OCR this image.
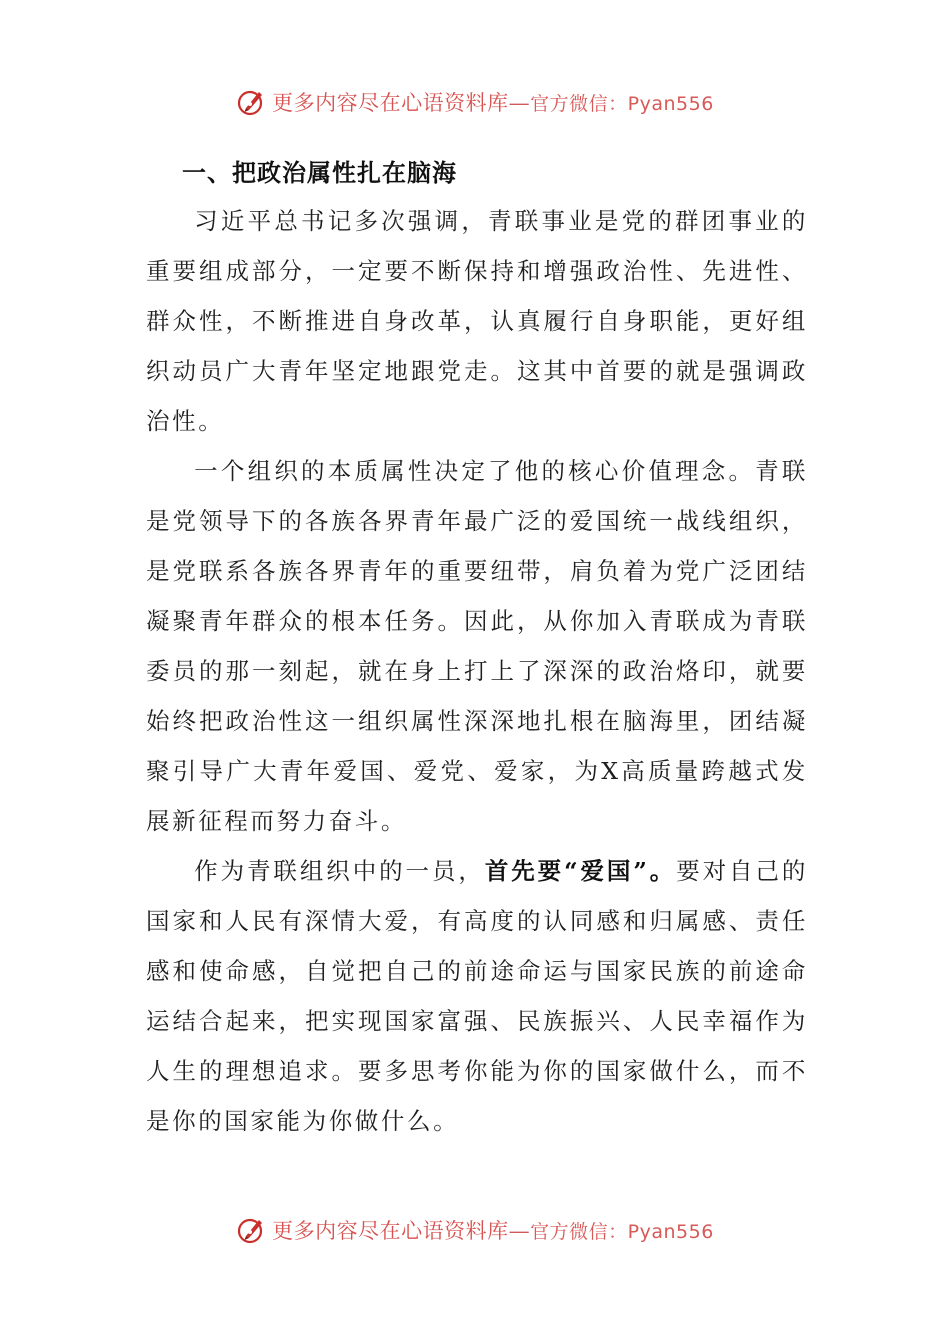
更多内容尽在心语资料库 — 官方微信：Pyan556
一、把政治属性扎在脑海

习近平总书记多次强调，青联事业是党的群团事业的重要组成部分，一定要不断保持和增强政治性、先进性、群众性，不断推进自身改革，认真履行自身职能，更好组织动员广大青年坚定地跟党走。这其中首要的就是强调政治性。

一个组织的本质属性决定了他的核心价值理念。青联是党领导下的各族各界青年最广泛的爱国统一战线组织，是党联系各族各界青年的重要纽带，肩负着为党广泛团结凝聚青年群众的根本任务。因此，从你加入青联成为青联委员的那一刻起，就在身上打上了深深的政治烙印，就要始终把政治性这一组织属性深深地扎根在脑海里，团结凝聚引导广大青年爱国、爱党、爱家，为X高质量跨越式发展新征程而努力奋斗。

作为青联组织中的一员，首先要“爱国”。要对自己的国家和人民有深情大爱，有高度的认同感和归属感、责任感和使命感，自觉把自己的前途命运与国家民族的前途命运结合起来，把实现国家富强、民族振兴、人民幸福作为人生的理想追求。要多思考你能为你的国家做什么，而不是你的国家能为你做什么。

更多内容尽在心语资料库 — 官方微信：Pyan556
